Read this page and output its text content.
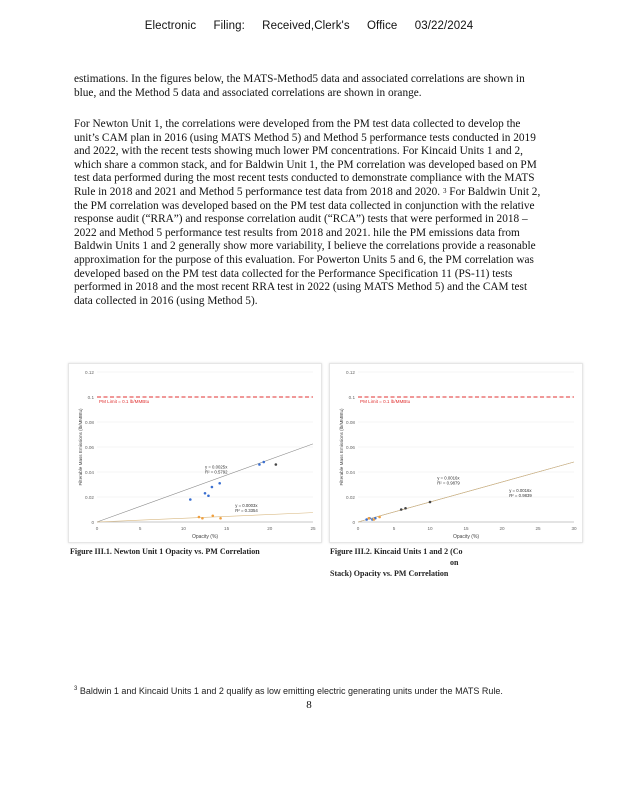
Electronic Filing: Received,Clerk's Office 03/22/2024
estimations. In the figures below, the MATS-Method5 data and associated correlations are shown in blue, and the Method 5 data and associated correlations are shown in orange.
For Newton Unit 1, the correlations were developed from the PM test data collected to develop the unit’s CAM plan in 2016 (using MATS Method 5) and Method 5 performance tests conducted in 2019 and 2022, with the recent tests showing much lower PM concentrations. For Kincaid Units 1 and 2, which share a common stack, and for Baldwin Unit 1, the PM correlation was developed based on PM test data performed during the most recent tests conducted to demonstrate compliance with the MATS Rule in 2018 and 2021 and Method 5 performance test data from 2018 and 2020. $^3$ For Baldwin Unit 2, the PM correlation was developed based on the PM test data collected in conjunction with the relative response audit (“RRA”) and response correlation audit (“RCA”) tests that were performed in 2018 – 2022 and Method 5 performance test results from 2018 and 2021. hile the PM emissions data from Baldwin Units 1 and 2 generally show more variability, I believe the correlations provide a reasonable approximation for the purpose of this evaluation. For Powerton Units 5 and 6, the PM correlation was developed based on the PM test data collected for the Performance Specification 11 (PS-11) tests performed in 2018 and the most recent RRA test in 2022 (using MATS Method 5) and the CAM test data collected in 2016 (using Method 5).
0
0.02
0.04
0.06
0.08
0.1
0.12
0	5	10	15	20	25
Opacity (%)
Filterable Mass Emissions (lb/MMBtu)
PM Limit = 0.1 lb/MMBtu
y = 0.0025x
R² = 0.5792
y = 0.0003x
R² = 0.3354
0
0.02
0.04
0.06
0.08
0.1
0.12
0	5	10	15	20	25	30
Opacity (%)
Filterable Mass Emissions (lb/MMBtu)
PM Limit = 0.1 lb/MMBtu
y = 0.0016x
R² = 0.9879
y = 0.0016x
R² = 0.9839
Figure III.1. Newton Unit 1 Opacity vs. PM Correlation	Figure III.2. Kincaid Units 1 and 2 (Coon
Stack) Opacity vs. PM Correlation
$^3$ Baldwin 1 and Kincaid Units 1 and 2 qualify as low emitting electric generating units under the MATS Rule.
8
